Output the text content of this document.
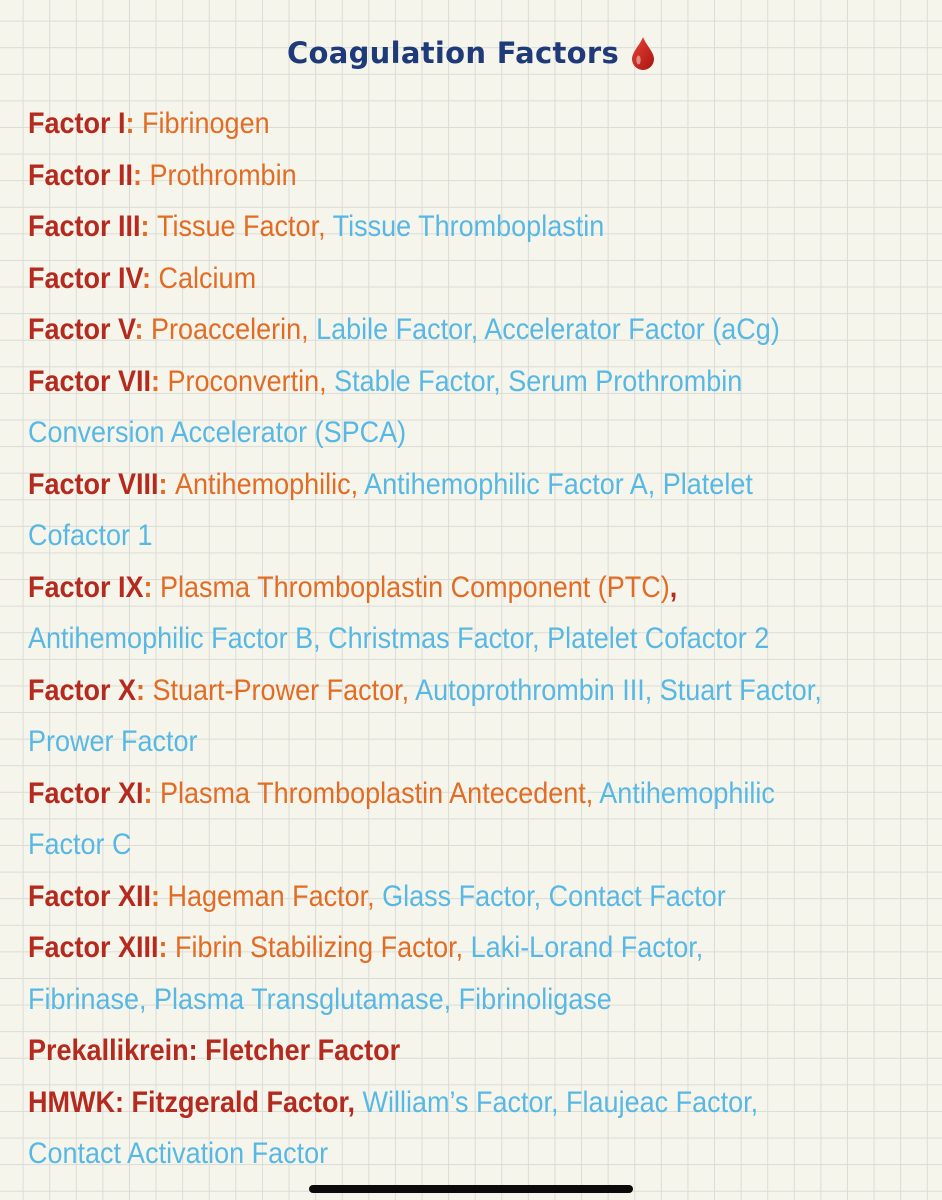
Coagulation Factors

Factor I: Fibrinogen

Factor II: Prothrombin

Factor III: Tissue Factor, Tissue Thromboplastin

Factor IV: Calcium

Factor V: Proaccelerin, Labile Factor, Accelerator Factor (aCg)

Factor VII: Proconvertin, Stable Factor, Serum Prothrombin Conversion Accelerator (SPCA)

Factor VIII: Antihemophilic, Antihemophilic Factor A, Platelet Cofactor 1

Factor IX: Plasma Thromboplastin Component (PTC), Antihemophilic Factor B, Christmas Factor, Platelet Cofactor 2

Factor X: Stuart-Prower Factor, Autoprothrombin III, Stuart Factor, Prower Factor

Factor XI: Plasma Thromboplastin Antecedent, Antihemophilic Factor C

Factor XII: Hageman Factor, Glass Factor, Contact Factor

Factor XIII: Fibrin Stabilizing Factor, Laki-Lorand Factor, Fibrinase, Plasma Transglutamase, Fibrinoligase

Prekallikrein: Fletcher Factor

HMWK: Fitzgerald Factor, William’s Factor, Flaujeac Factor, Contact Activation Factor
